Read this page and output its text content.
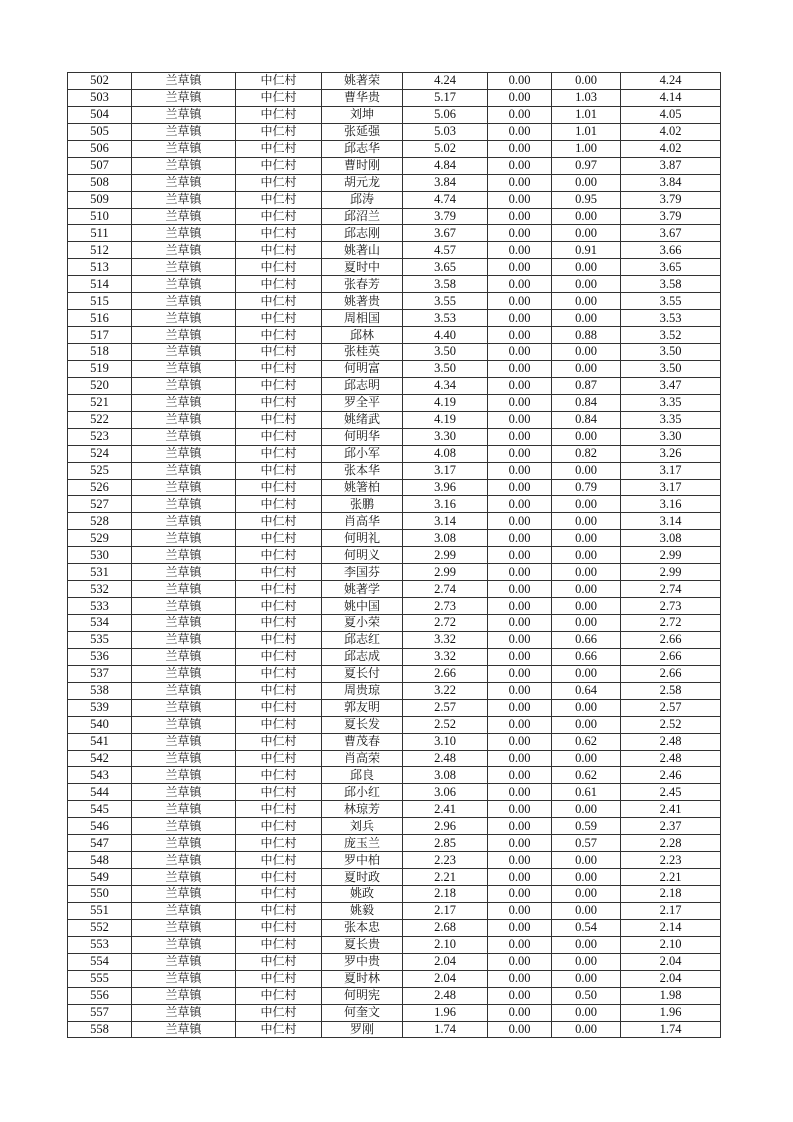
502	兰草镇	中仁村	姚著荣	4.24	0.00	0.00	4.24
503	兰草镇	中仁村	曹华贵	5.17	0.00	1.03	4.14
504	兰草镇	中仁村	刘坤	5.06	0.00	1.01	4.05
505	兰草镇	中仁村	张延强	5.03	0.00	1.01	4.02
506	兰草镇	中仁村	邱志华	5.02	0.00	1.00	4.02
507	兰草镇	中仁村	曹时刚	4.84	0.00	0.97	3.87
508	兰草镇	中仁村	胡元龙	3.84	0.00	0.00	3.84
509	兰草镇	中仁村	邱涛	4.74	0.00	0.95	3.79
510	兰草镇	中仁村	邱沼兰	3.79	0.00	0.00	3.79
511	兰草镇	中仁村	邱志刚	3.67	0.00	0.00	3.67
512	兰草镇	中仁村	姚著山	4.57	0.00	0.91	3.66
513	兰草镇	中仁村	夏时中	3.65	0.00	0.00	3.65
514	兰草镇	中仁村	张春芳	3.58	0.00	0.00	3.58
515	兰草镇	中仁村	姚著贵	3.55	0.00	0.00	3.55
516	兰草镇	中仁村	周相国	3.53	0.00	0.00	3.53
517	兰草镇	中仁村	邱林	4.40	0.00	0.88	3.52
518	兰草镇	中仁村	张桂英	3.50	0.00	0.00	3.50
519	兰草镇	中仁村	何明富	3.50	0.00	0.00	3.50
520	兰草镇	中仁村	邱志明	4.34	0.00	0.87	3.47
521	兰草镇	中仁村	罗全平	4.19	0.00	0.84	3.35
522	兰草镇	中仁村	姚绪武	4.19	0.00	0.84	3.35
523	兰草镇	中仁村	何明华	3.30	0.00	0.00	3.30
524	兰草镇	中仁村	邱小军	4.08	0.00	0.82	3.26
525	兰草镇	中仁村	张本华	3.17	0.00	0.00	3.17
526	兰草镇	中仁村	姚箸柏	3.96	0.00	0.79	3.17
527	兰草镇	中仁村	张鹏	3.16	0.00	0.00	3.16
528	兰草镇	中仁村	肖高华	3.14	0.00	0.00	3.14
529	兰草镇	中仁村	何明礼	3.08	0.00	0.00	3.08
530	兰草镇	中仁村	何明义	2.99	0.00	0.00	2.99
531	兰草镇	中仁村	李国芬	2.99	0.00	0.00	2.99
532	兰草镇	中仁村	姚著学	2.74	0.00	0.00	2.74
533	兰草镇	中仁村	姚中国	2.73	0.00	0.00	2.73
534	兰草镇	中仁村	夏小荣	2.72	0.00	0.00	2.72
535	兰草镇	中仁村	邱志红	3.32	0.00	0.66	2.66
536	兰草镇	中仁村	邱志成	3.32	0.00	0.66	2.66
537	兰草镇	中仁村	夏长付	2.66	0.00	0.00	2.66
538	兰草镇	中仁村	周贵琼	3.22	0.00	0.64	2.58
539	兰草镇	中仁村	郭友明	2.57	0.00	0.00	2.57
540	兰草镇	中仁村	夏长发	2.52	0.00	0.00	2.52
541	兰草镇	中仁村	曹茂春	3.10	0.00	0.62	2.48
542	兰草镇	中仁村	肖高荣	2.48	0.00	0.00	2.48
543	兰草镇	中仁村	邱良	3.08	0.00	0.62	2.46
544	兰草镇	中仁村	邱小红	3.06	0.00	0.61	2.45
545	兰草镇	中仁村	林琼芳	2.41	0.00	0.00	2.41
546	兰草镇	中仁村	刘兵	2.96	0.00	0.59	2.37
547	兰草镇	中仁村	庞玉兰	2.85	0.00	0.57	2.28
548	兰草镇	中仁村	罗中柏	2.23	0.00	0.00	2.23
549	兰草镇	中仁村	夏时政	2.21	0.00	0.00	2.21
550	兰草镇	中仁村	姚政	2.18	0.00	0.00	2.18
551	兰草镇	中仁村	姚毅	2.17	0.00	0.00	2.17
552	兰草镇	中仁村	张本忠	2.68	0.00	0.54	2.14
553	兰草镇	中仁村	夏长贵	2.10	0.00	0.00	2.10
554	兰草镇	中仁村	罗中贵	2.04	0.00	0.00	2.04
555	兰草镇	中仁村	夏时林	2.04	0.00	0.00	2.04
556	兰草镇	中仁村	何明宪	2.48	0.00	0.50	1.98
557	兰草镇	中仁村	何奎文	1.96	0.00	0.00	1.96
558	兰草镇	中仁村	罗刚	1.74	0.00	0.00	1.74
